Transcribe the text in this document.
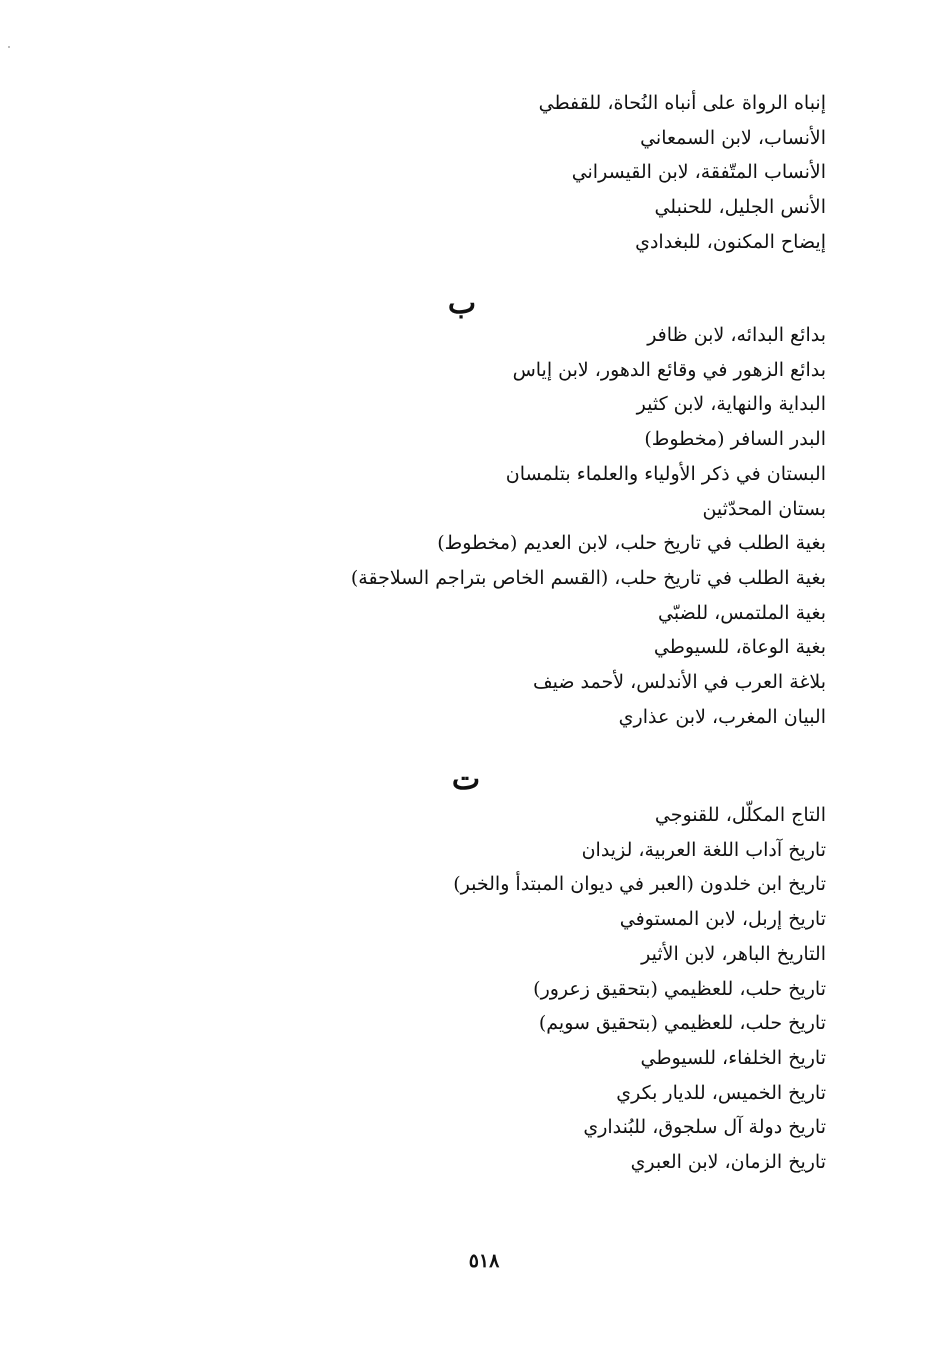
إنباه الرواة على أنباه النُحاة، للقفطي
الأنساب، لابن السمعاني
الأنساب المتّفقة، لابن القيسراني
الأنس الجليل، للحنبلي
إيضاح المكنون، للبغدادي
ب
بدائع البدائه، لابن ظافر
بدائع الزهور في وقائع الدهور، لابن إياس
البداية والنهاية، لابن كثير
البدر السافر (مخطوط)
البستان في ذكر الأولياء والعلماء بتلمسان
بستان المحدّثين
بغية الطلب في تاريخ حلب، لابن العديم (مخطوط)
بغية الطلب في تاريخ حلب، (القسم الخاص بتراجم السلاجقة)
بغية الملتمس، للضبّي
بغية الوعاة، للسيوطي
بلاغة العرب في الأندلس، لأحمد ضيف
البيان المغرب، لابن عذاري
ت
التاج المكلّل، للقنوجي
تاريخ آداب اللغة العربية، لزيدان
تاريخ ابن خلدون (العبر في ديوان المبتدأ والخبر)
تاريخ إربل، لابن المستوفي
التاريخ الباهر، لابن الأثير
تاريخ حلب، للعظيمي (بتحقيق زعرور)
تاريخ حلب، للعظيمي (بتحقيق سويم)
تاريخ الخلفاء، للسيوطي
تاريخ الخميس، للديار بكري
تاريخ دولة آل سلجوق، للبُنداري
تاريخ الزمان، لابن العبري
٥١٨
